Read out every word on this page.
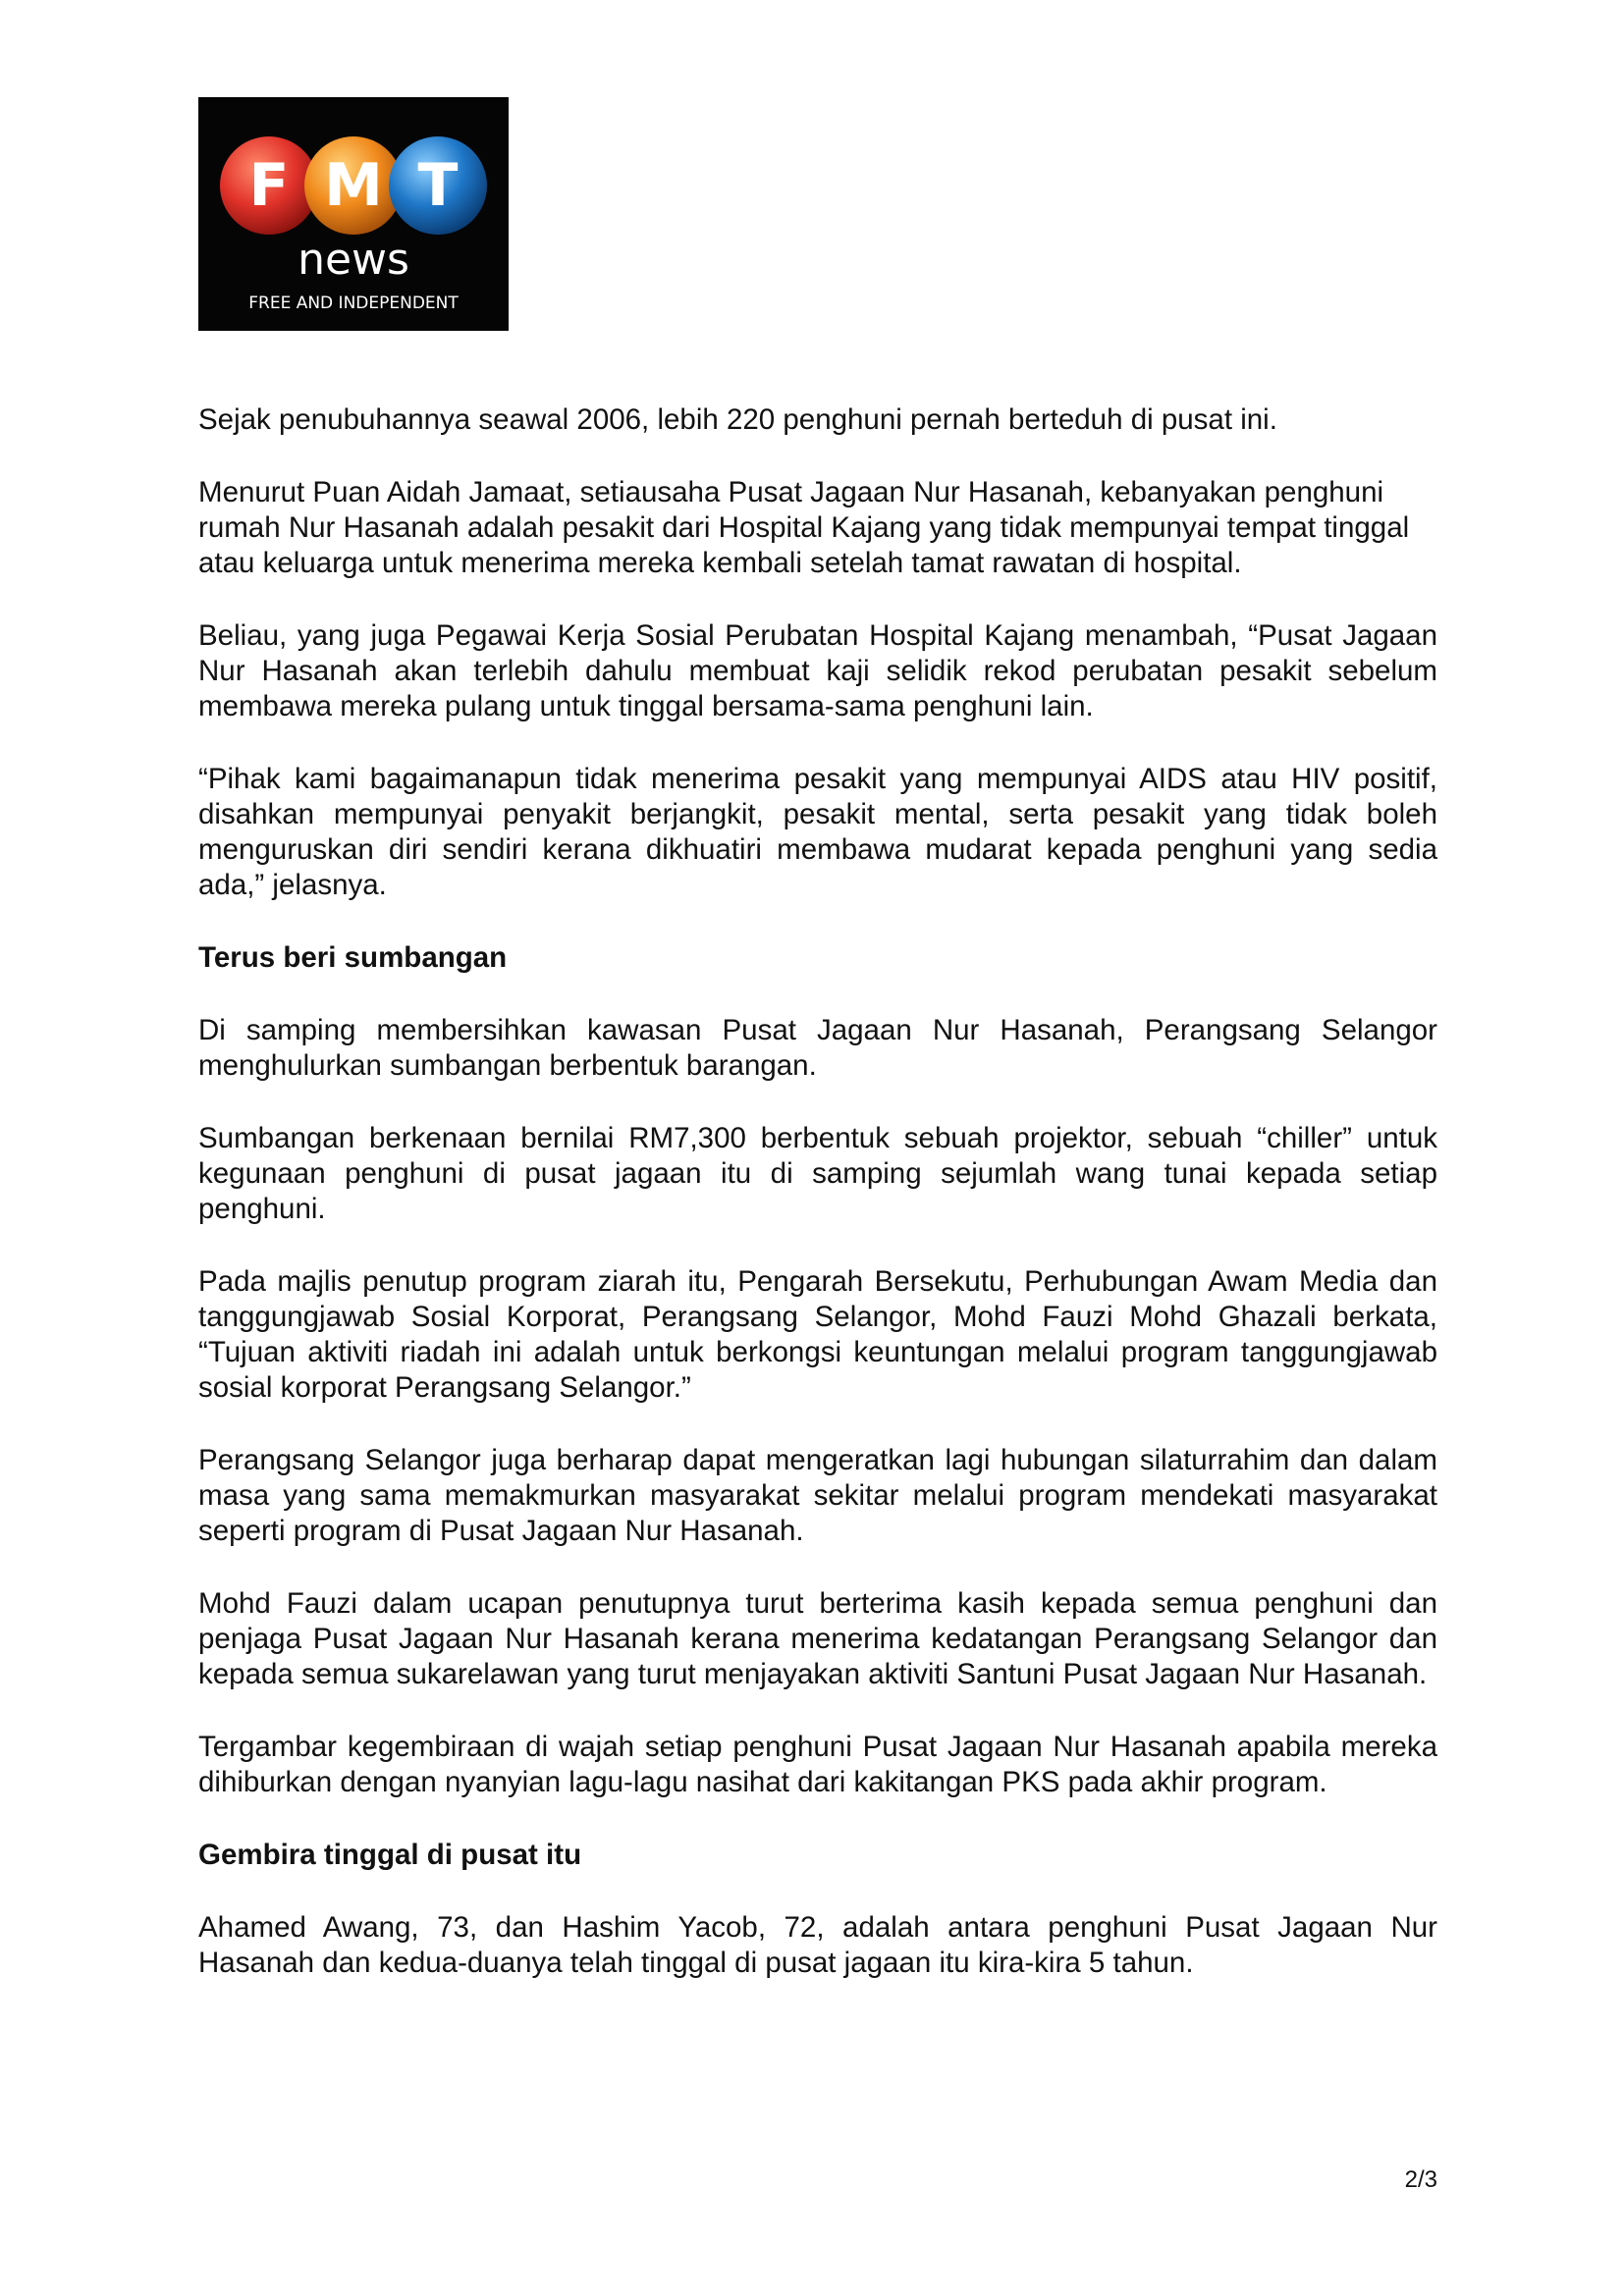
F M T
news
FREE AND INDEPENDENT

Sejak penubuhannya seawal 2006, lebih 220 penghuni pernah berteduh di pusat ini.

Menurut Puan Aidah Jamaat, setiausaha Pusat Jagaan Nur Hasanah, kebanyakan penghuni rumah Nur Hasanah adalah pesakit dari Hospital Kajang yang tidak mempunyai tempat tinggal atau keluarga untuk menerima mereka kembali setelah tamat rawatan di hospital.

Beliau, yang juga Pegawai Kerja Sosial Perubatan Hospital Kajang menambah, “Pusat Jagaan Nur Hasanah akan terlebih dahulu membuat kaji selidik rekod perubatan pesakit sebelum membawa mereka pulang untuk tinggal bersama-sama penghuni lain.

“Pihak kami bagaimanapun tidak menerima pesakit yang mempunyai AIDS atau HIV positif, disahkan mempunyai penyakit berjangkit, pesakit mental, serta pesakit yang tidak boleh menguruskan diri sendiri kerana dikhuatiri membawa mudarat kepada penghuni yang sedia ada,” jelasnya.

Terus beri sumbangan

Di samping membersihkan kawasan Pusat Jagaan Nur Hasanah, Perangsang Selangor menghulurkan sumbangan berbentuk barangan.

Sumbangan berkenaan bernilai RM7,300 berbentuk sebuah projektor, sebuah “chiller” untuk kegunaan penghuni di pusat jagaan itu di samping sejumlah wang tunai kepada setiap penghuni.

Pada majlis penutup program ziarah itu, Pengarah Bersekutu, Perhubungan Awam Media dan tanggungjawab Sosial Korporat, Perangsang Selangor, Mohd Fauzi Mohd Ghazali berkata, “Tujuan aktiviti riadah ini adalah untuk berkongsi keuntungan melalui program tanggungjawab sosial korporat Perangsang Selangor.”

Perangsang Selangor juga berharap dapat mengeratkan lagi hubungan silaturrahim dan dalam masa yang sama memakmurkan masyarakat sekitar melalui program mendekati masyarakat seperti program di Pusat Jagaan Nur Hasanah.

Mohd Fauzi dalam ucapan penutupnya turut berterima kasih kepada semua penghuni dan penjaga Pusat Jagaan Nur Hasanah kerana menerima kedatangan Perangsang Selangor dan kepada semua sukarelawan yang turut menjayakan aktiviti Santuni Pusat Jagaan Nur Hasanah.

Tergambar kegembiraan di wajah setiap penghuni Pusat Jagaan Nur Hasanah apabila mereka dihiburkan dengan nyanyian lagu-lagu nasihat dari kakitangan PKS pada akhir program.

Gembira tinggal di pusat itu

Ahamed Awang, 73, dan Hashim Yacob, 72, adalah antara penghuni Pusat Jagaan Nur Hasanah dan kedua-duanya telah tinggal di pusat jagaan itu kira-kira 5 tahun.

2/3
